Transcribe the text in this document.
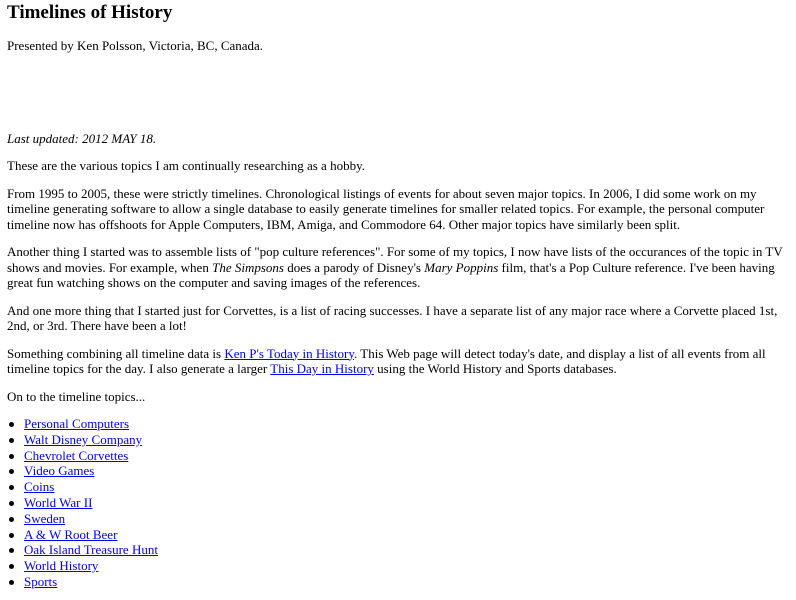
Timelines of History

Presented by Ken Polsson, Victoria, BC, Canada.

Last updated: 2012 MAY 18.

These are the various topics I am continually researching as a hobby.

From 1995 to 2005, these were strictly timelines. Chronological listings of events for about seven major topics. In 2006, I did some work on my timeline generating software to allow a single database to easily generate timelines for smaller related topics. For example, the personal computer timeline now has offshoots for Apple Computers, IBM, Amiga, and Commodore 64. Other major topics have similarly been split.

Another thing I started was to assemble lists of "pop culture references". For some of my topics, I now have lists of the occurances of the topic in TV shows and movies. For example, when The Simpsons does a parody of Disney's Mary Poppins film, that's a Pop Culture reference. I've been having great fun watching shows on the computer and saving images of the references.

And one more thing that I started just for Corvettes, is a list of racing successes. I have a separate list of any major race where a Corvette placed 1st, 2nd, or 3rd. There have been a lot!

Something combining all timeline data is Ken P's Today in History. This Web page will detect today's date, and display a list of all events from all timeline topics for the day. I also generate a larger This Day in History using the World History and Sports databases.

On to the timeline topics...

Personal Computers
Walt Disney Company
Chevrolet Corvettes
Video Games
Coins
World War II
Sweden
A & W Root Beer
Oak Island Treasure Hunt
World History
Sports
